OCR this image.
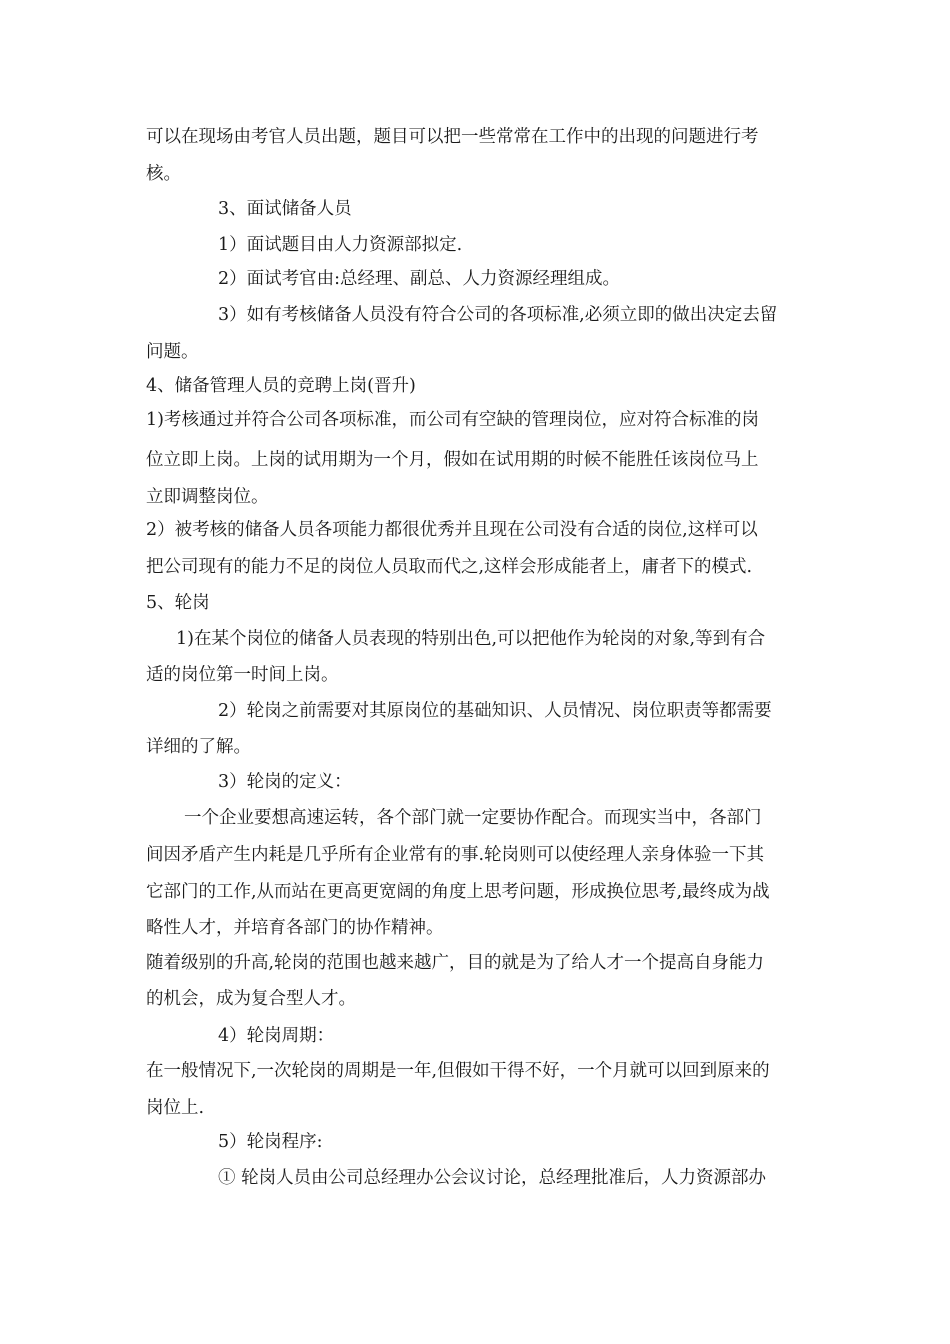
可以在现场由考官人员出题，题目可以把一些常常在工作中的出现的问题进行考
核。
3、面试储备人员
1）面试题目由人力资源部拟定.
2）面试考官由:总经理、副总、人力资源经理组成。
3）如有考核储备人员没有符合公司的各项标准,必须立即的做出决定去留
问题。
4、储备管理人员的竞聘上岗(晋升)
1)考核通过并符合公司各项标准，而公司有空缺的管理岗位，应对符合标准的岗
位立即上岗。上岗的试用期为一个月，假如在试用期的时候不能胜任该岗位马上
立即调整岗位。
2）被考核的储备人员各项能力都很优秀并且现在公司没有合适的岗位,这样可以
把公司现有的能力不足的岗位人员取而代之,这样会形成能者上，庸者下的模式.
5、轮岗
1)在某个岗位的储备人员表现的特别出色,可以把他作为轮岗的对象,等到有合
适的岗位第一时间上岗。
2）轮岗之前需要对其原岗位的基础知识、人员情况、岗位职责等都需要
详细的了解。
3）轮岗的定义：
一个企业要想高速运转，各个部门就一定要协作配合。而现实当中，各部门
间因矛盾产生内耗是几乎所有企业常有的事.轮岗则可以使经理人亲身体验一下其
它部门的工作,从而站在更高更宽阔的角度上思考问题，形成换位思考,最终成为战
略性人才，并培育各部门的协作精神。
随着级别的升高,轮岗的范围也越来越广，目的就是为了给人才一个提高自身能力
的机会，成为复合型人才。
4）轮岗周期：
在一般情况下,一次轮岗的周期是一年,但假如干得不好，一个月就可以回到原来的
岗位上.
5）轮岗程序:
① 轮岗人员由公司总经理办公会议讨论，总经理批准后，人力资源部办
